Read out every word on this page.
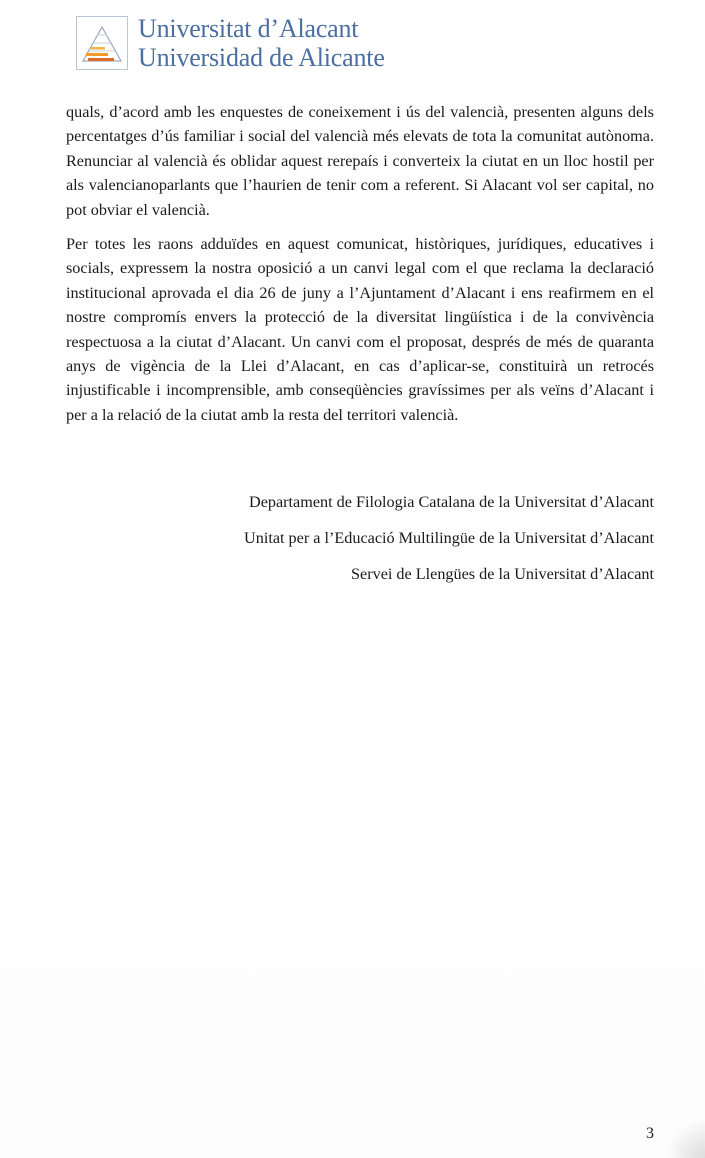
Universitat d’Alacant
Universidad de Alicante

quals, d’acord amb les enquestes de coneixement i ús del valencià, presenten alguns dels percentatges d’ús familiar i social del valencià més elevats de tota la comunitat autònoma. Renunciar al valencià és oblidar aquest rerepaís i converteix la ciutat en un lloc hostil per als valencianoparlants que l’haurien de tenir com a referent. Si Alacant vol ser capital, no pot obviar el valencià.

Per totes les raons adduïdes en aquest comunicat, històriques, jurídiques, educatives i socials, expressem la nostra oposició a un canvi legal com el que reclama la declaració institucional aprovada el dia 26 de juny a l’Ajuntament d’Alacant i ens reafirmem en el nostre compromís envers la protecció de la diversitat lingüística i de la convivència respectuosa a la ciutat d’Alacant. Un canvi com el proposat, després de més de quaranta anys de vigència de la Llei d’Alacant, en cas d’aplicar-se, constituirà un retrocés injustificable i incomprensible, amb conseqüències gravíssimes per als veïns d’Alacant i per a la relació de la ciutat amb la resta del territori valencià.

Departament de Filologia Catalana de la Universitat d’Alacant
Unitat per a l’Educació Multilingüe de la Universitat d’Alacant
Servei de Llengües de la Universitat d’Alacant
3
